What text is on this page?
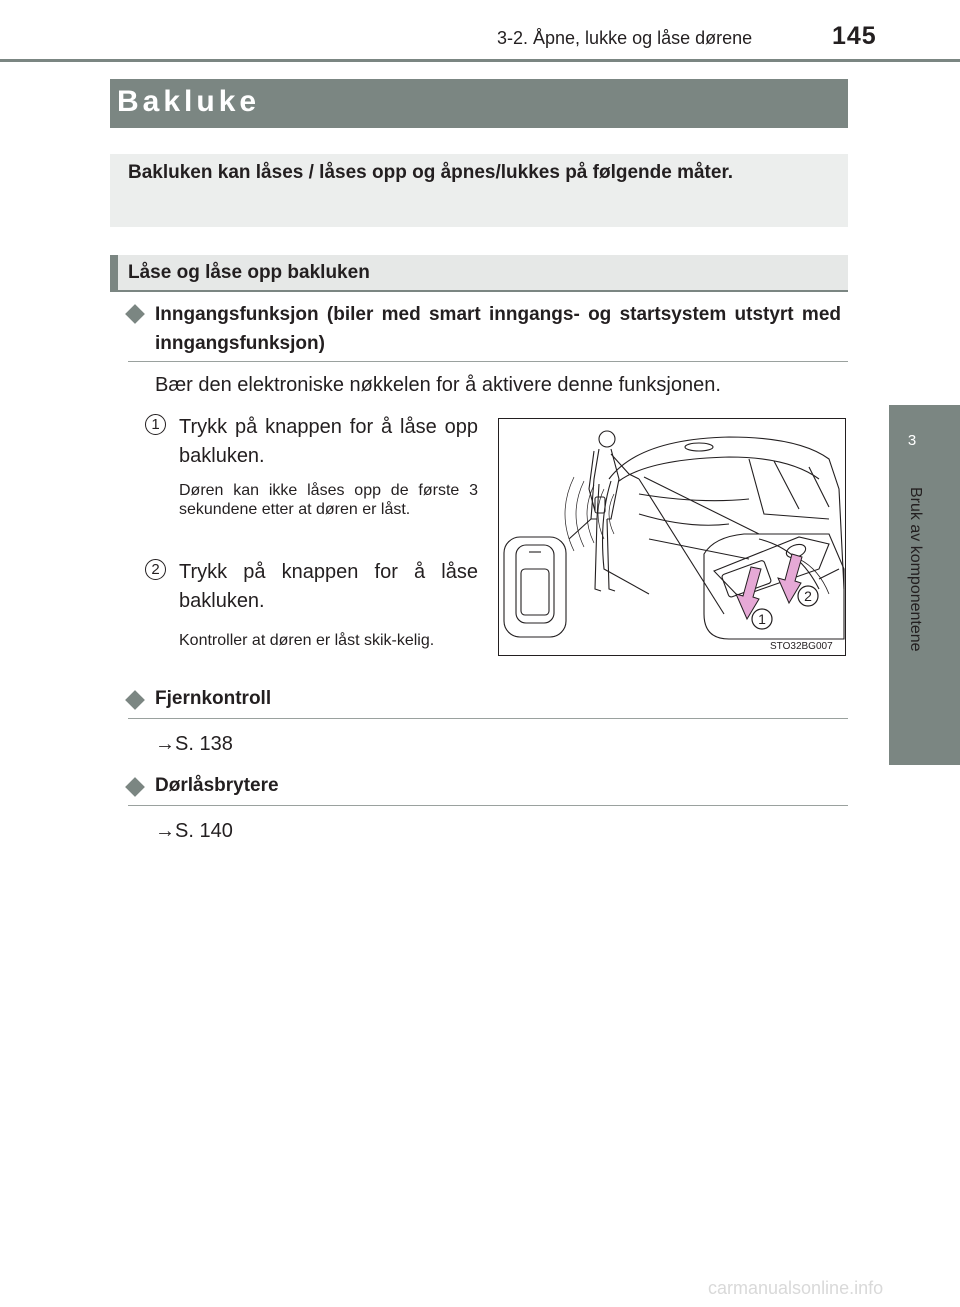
3-2. Åpne, lukke og låse dørene	145
3
Bruk av komponentene
Bakluke
Bakluken kan låses / låses opp og åpnes/lukkes på følgende måter.
Låse og låse opp bakluken
Inngangsfunksjon (biler med smart inngangs- og startsystem utstyrt med inngangsfunksjon)
Bær den elektroniske nøkkelen for å aktivere denne funksjonen.
1 Trykk på knappen for å låse opp bakluken.
Døren kan ikke låses opp de første 3 sekundene etter at døren er låst.
2 Trykk på knappen for å låse bakluken.
Kontroller at døren er låst skik-kelig.
1
2
STO32BG007
Fjernkontroll
→S. 138
Dørlåsbrytere
→S. 140
carmanualsonline.info
